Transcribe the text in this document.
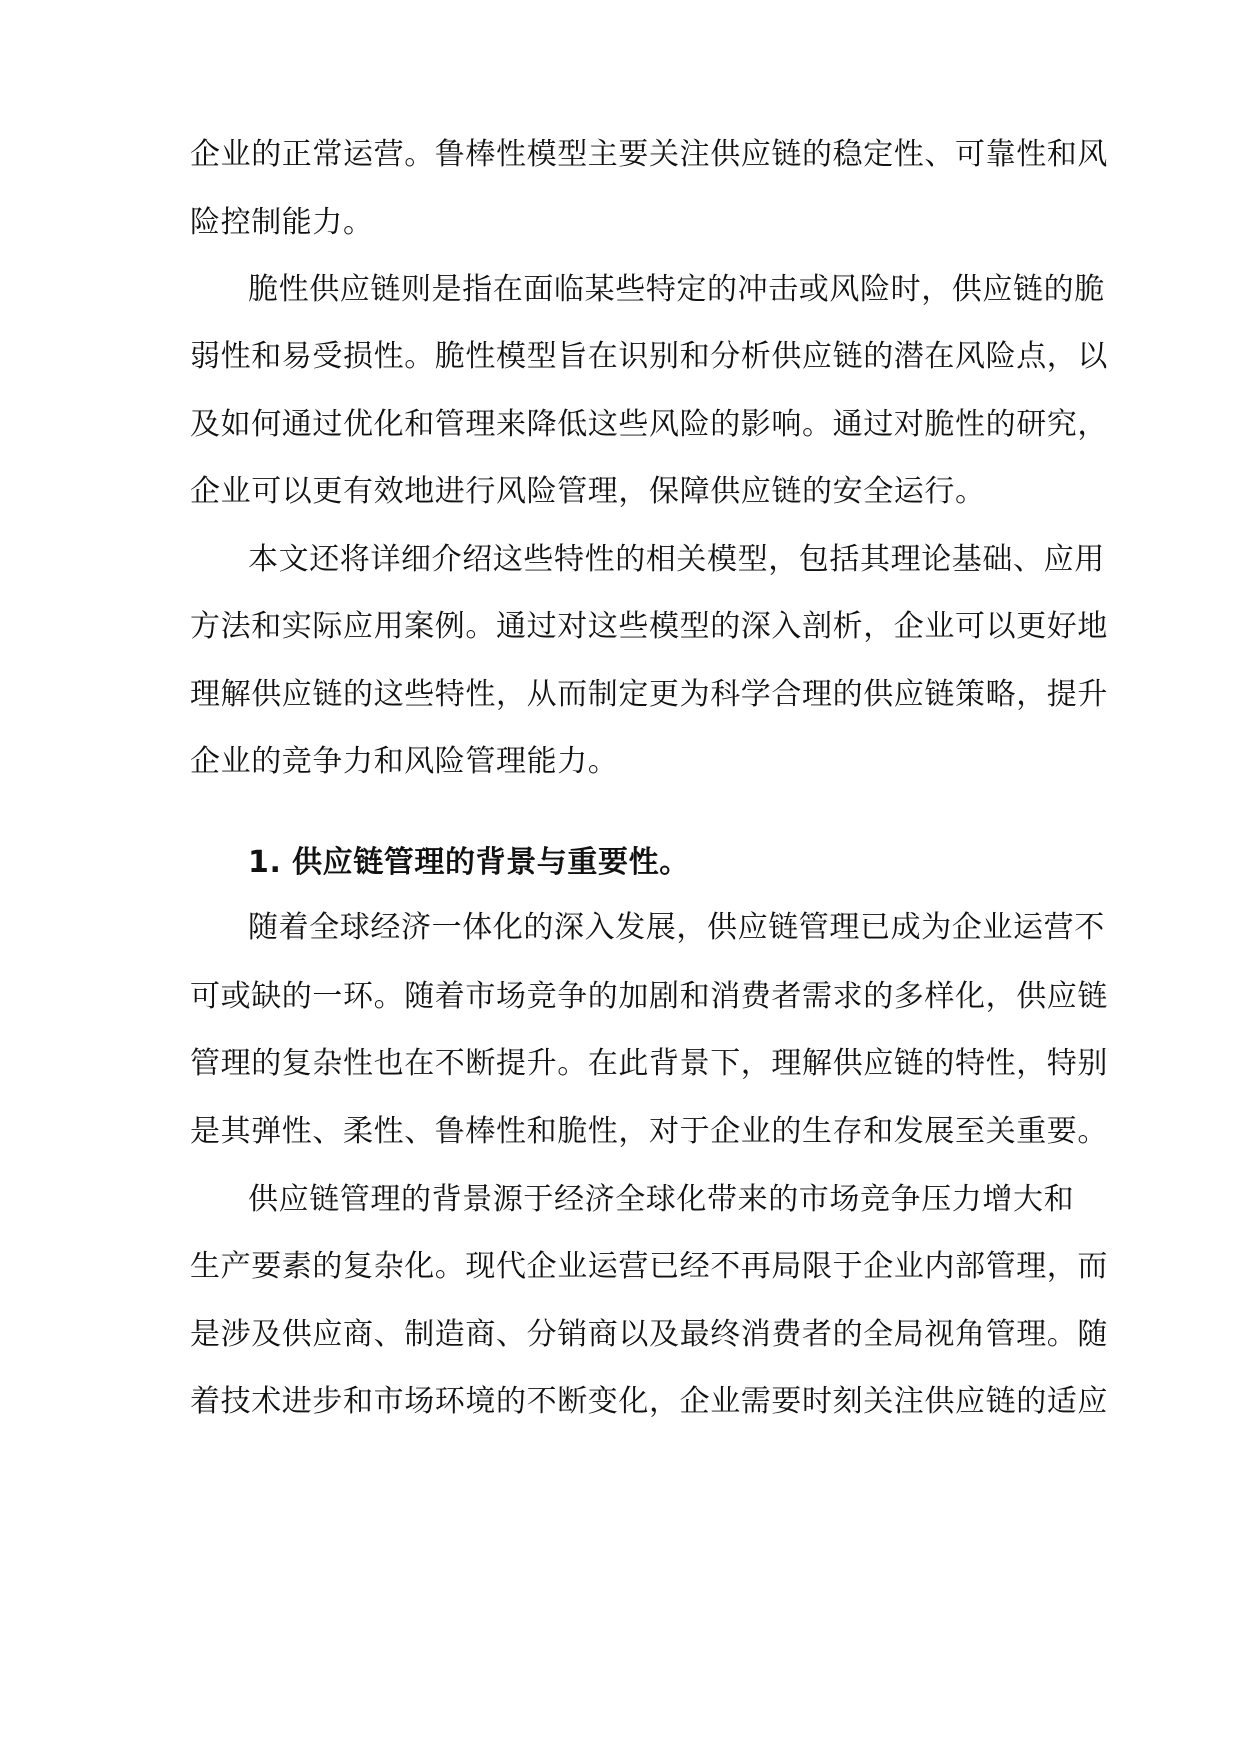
企业的正常运营。鲁棒性模型主要关注供应链的稳定性、可靠性和风
险控制能力。
脆性供应链则是指在面临某些特定的冲击或风险时，供应链的脆
弱性和易受损性。脆性模型旨在识别和分析供应链的潜在风险点，以
及如何通过优化和管理来降低这些风险的影响。通过对脆性的研究，
企业可以更有效地进行风险管理，保障供应链的安全运行。
本文还将详细介绍这些特性的相关模型，包括其理论基础、应用
方法和实际应用案例。通过对这些模型的深入剖析，企业可以更好地
理解供应链的这些特性，从而制定更为科学合理的供应链策略，提升
企业的竞争力和风险管理能力。
1. 供应链管理的背景与重要性。
随着全球经济一体化的深入发展，供应链管理已成为企业运营不
可或缺的一环。随着市场竞争的加剧和消费者需求的多样化，供应链
管理的复杂性也在不断提升。在此背景下，理解供应链的特性，特别
是其弹性、柔性、鲁棒性和脆性，对于企业的生存和发展至关重要。
供应链管理的背景源于经济全球化带来的市场竞争压力增大和
生产要素的复杂化。现代企业运营已经不再局限于企业内部管理，而
是涉及供应商、制造商、分销商以及最终消费者的全局视角管理。随
着技术进步和市场环境的不断变化，企业需要时刻关注供应链的适应
